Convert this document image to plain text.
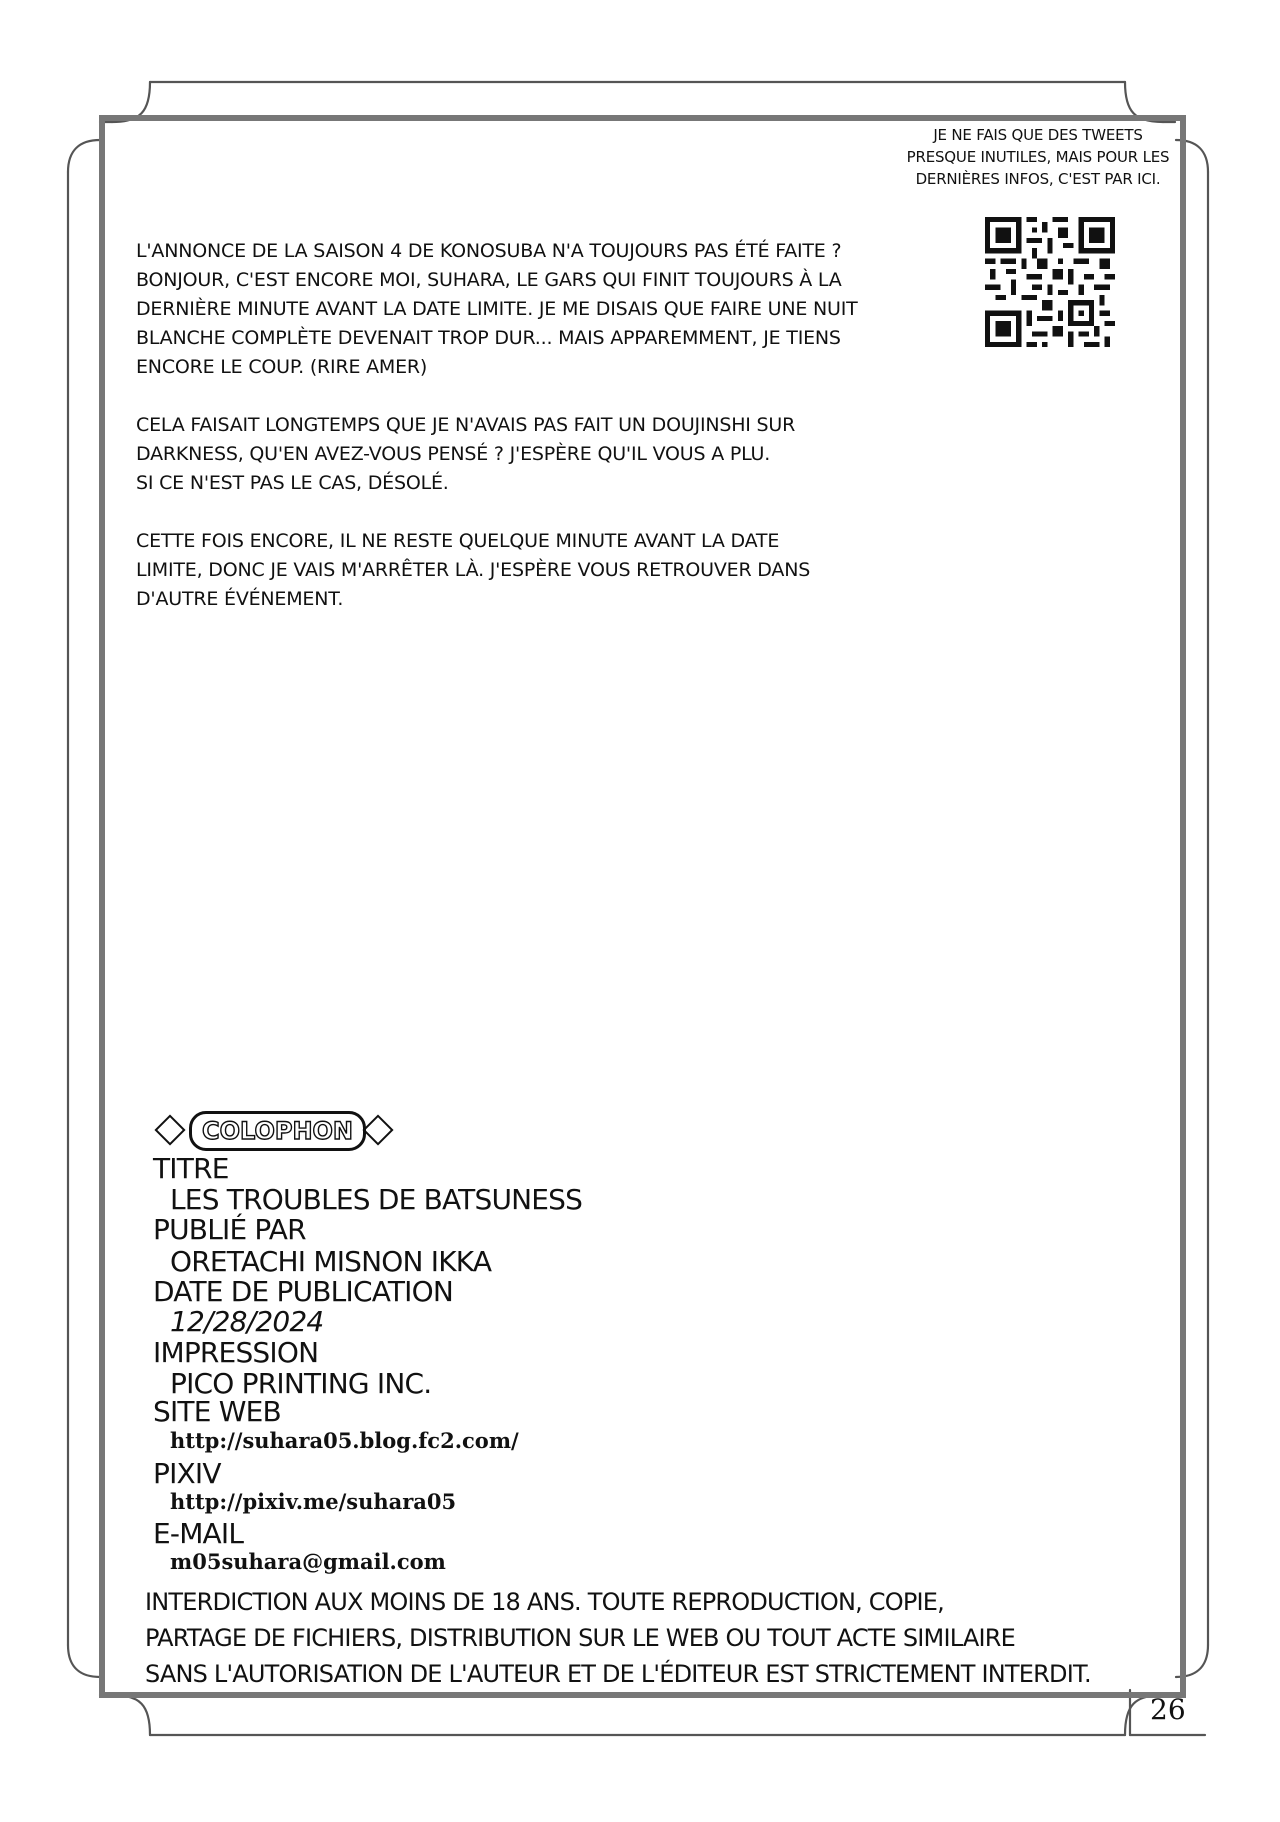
JE NE FAIS QUE DES TWEETS
PRESQUE INUTILES, MAIS POUR LES
DERNIÈRES INFOS, C'EST PAR ICI.

L'ANNONCE DE LA SAISON 4 DE KONOSUBA N'A TOUJOURS PAS ÉTÉ FAITE ?
BONJOUR, C'EST ENCORE MOI, SUHARA, LE GARS QUI FINIT TOUJOURS À LA
DERNIÈRE MINUTE AVANT LA DATE LIMITE. JE ME DISAIS QUE FAIRE UNE NUIT
BLANCHE COMPLÈTE DEVENAIT TROP DUR... MAIS APPAREMMENT, JE TIENS
ENCORE LE COUP. (RIRE AMER)

CELA FAISAIT LONGTEMPS QUE JE N'AVAIS PAS FAIT UN DOUJINSHI SUR
DARKNESS, QU'EN AVEZ-VOUS PENSÉ ? J'ESPÈRE QU'IL VOUS A PLU.
SI CE N'EST PAS LE CAS, DÉSOLÉ.

CETTE FOIS ENCORE, IL NE RESTE QUELQUE MINUTE AVANT LA DATE
LIMITE, DONC JE VAIS M'ARRÊTER LÀ. J'ESPÈRE VOUS RETROUVER DANS
D'AUTRE ÉVÉNEMENT.

COLOPHON
TITRE
LES TROUBLES DE BATSUNESS
PUBLIÉ PAR
ORETACHI MISNON IKKA
DATE DE PUBLICATION
12/28/2024
IMPRESSION
PICO PRINTING INC.
SITE WEB
http://suhara05.blog.fc2.com/
PIXIV
http://pixiv.me/suhara05
E-MAIL
m05suhara@gmail.com
INTERDICTION AUX MOINS DE 18 ANS. TOUTE REPRODUCTION, COPIE,
PARTAGE DE FICHIERS, DISTRIBUTION SUR LE WEB OU TOUT ACTE SIMILAIRE
SANS L'AUTORISATION DE L'AUTEUR ET DE L'ÉDITEUR EST STRICTEMENT INTERDIT.
26
